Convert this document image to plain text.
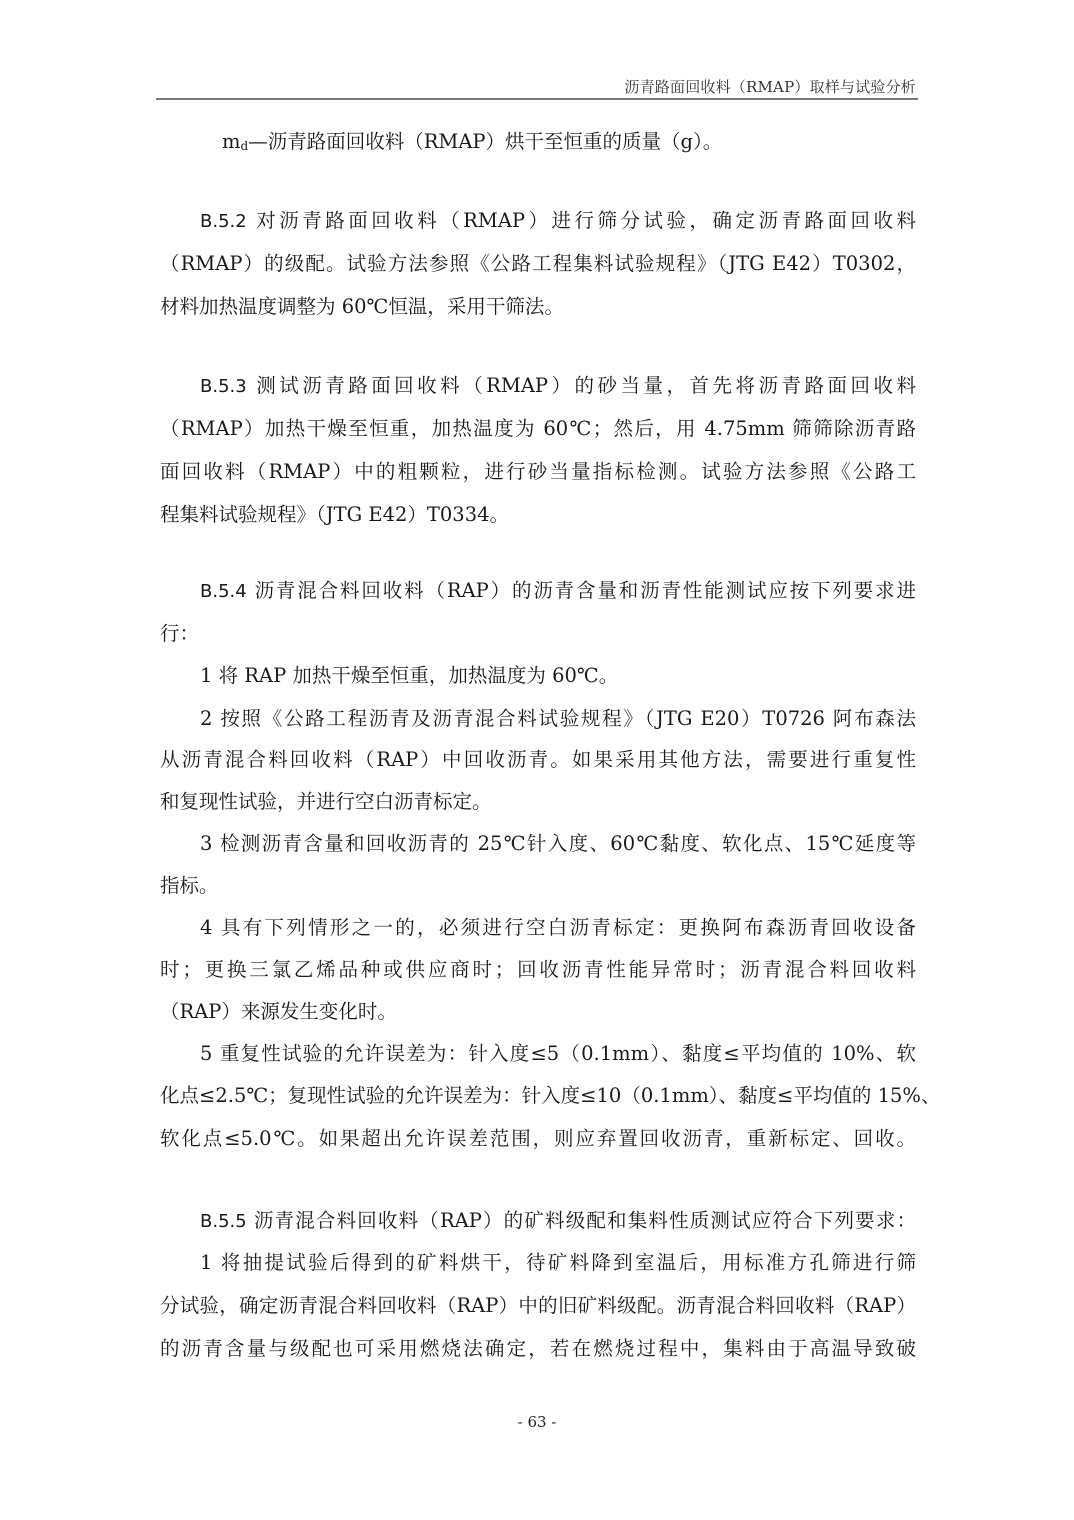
沥青路面回收料（RMAP）取样与试验分析
md—沥青路面回收料（RMAP）烘干至恒重的质量（g）。
B.5.2 对沥青路面回收料（RMAP）进行筛分试验，确定沥青路面回收料
（RMAP）的级配。试验方法参照《公路工程集料试验规程》（JTG E42）T0302，
材料加热温度调整为 60℃恒温，采用干筛法。
B.5.3 测试沥青路面回收料（RMAP）的砂当量，首先将沥青路面回收料
（RMAP）加热干燥至恒重，加热温度为 60℃；然后，用 4.75mm 筛筛除沥青路
面回收料（RMAP）中的粗颗粒，进行砂当量指标检测。试验方法参照《公路工
程集料试验规程》（JTG E42）T0334。
B.5.4 沥青混合料回收料（RAP）的沥青含量和沥青性能测试应按下列要求进
行：
1 将 RAP 加热干燥至恒重，加热温度为 60℃。
2 按照《公路工程沥青及沥青混合料试验规程》（JTG E20）T0726 阿布森法
从沥青混合料回收料（RAP）中回收沥青。如果采用其他方法，需要进行重复性
和复现性试验，并进行空白沥青标定。
3 检测沥青含量和回收沥青的 25℃针入度、60℃黏度、软化点、15℃延度等
指标。
4 具有下列情形之一的，必须进行空白沥青标定：更换阿布森沥青回收设备
时；更换三氯乙烯品种或供应商时；回收沥青性能异常时；沥青混合料回收料
（RAP）来源发生变化时。
5 重复性试验的允许误差为：针入度≤5（0.1mm）、黏度≤平均值的 10%、软
化点≤2.5℃；复现性试验的允许误差为：针入度≤10（0.1mm）、黏度≤平均值的 15%、
软化点≤5.0℃。如果超出允许误差范围，则应弃置回收沥青，重新标定、回收。
B.5.5 沥青混合料回收料（RAP）的矿料级配和集料性质测试应符合下列要求：
1 将抽提试验后得到的矿料烘干，待矿料降到室温后，用标准方孔筛进行筛
分试验，确定沥青混合料回收料（RAP）中的旧矿料级配。沥青混合料回收料（RAP）
的沥青含量与级配也可采用燃烧法确定，若在燃烧过程中，集料由于高温导致破
- 63 -
